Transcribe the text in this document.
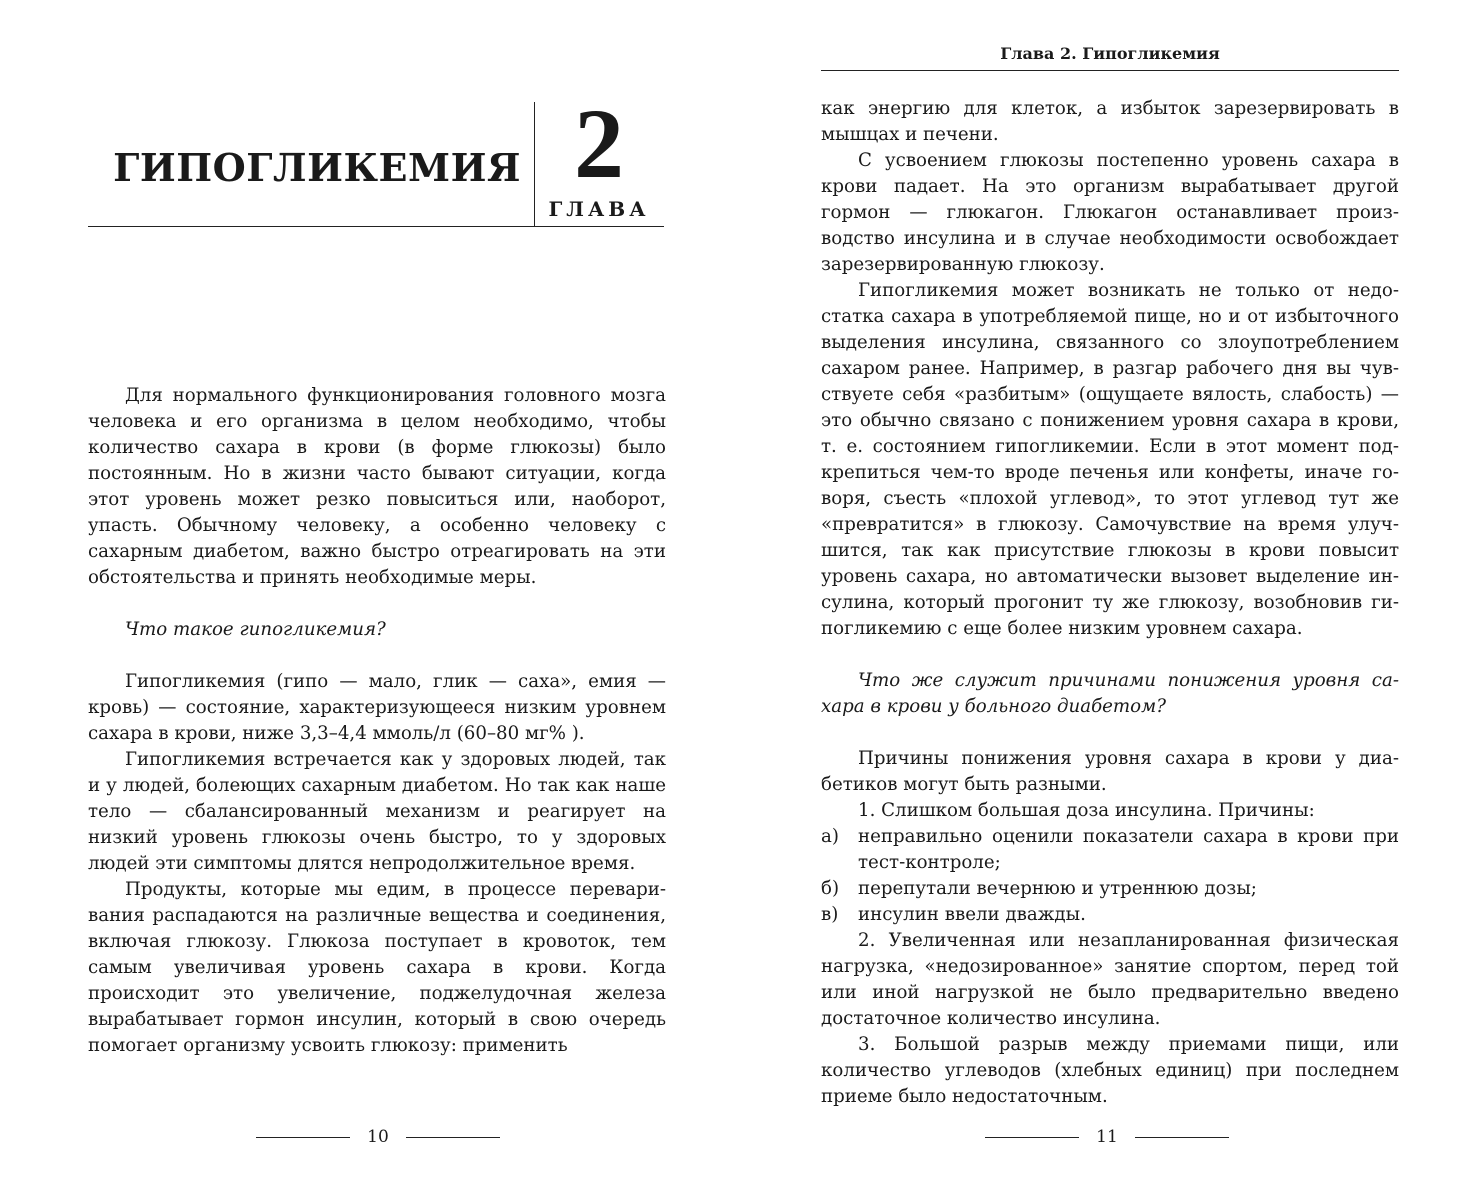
ГИПОГЛИКЕМИЯ 2
ГЛАВА

Для нормального функционирования головного мозга человека и его организма в целом необходимо, чтобы количество сахара в крови (в форме глюкозы) было постоянным. Но в жизни часто бывают ситуации, когда этот уровень может резко повыситься или, наоборот, упасть. Обычному человеку, а особенно человеку с сахарным диабетом, важно быстро отреагировать на эти обстоятельства и принять необходимые меры.

Что такое гипогликемия?

Гипогликемия (гипо — мало, глик — саха», емия — кровь) — состояние, характеризующееся низким уровнем сахара в крови, ниже 3,3–4,4 ммоль/л (60–80 мг% ).

Гипогликемия встречается как у здоровых людей, так и у людей, болеющих сахарным диабетом. Но так как наше тело — сбалансированный механизм и реагирует на низкий уровень глюкозы очень быстро, то у здоровых людей эти симптомы длятся непродолжительное время.

Продукты, которые мы едим, в процессе переваривания распадаются на различные вещества и соединения, включая глюкозу. Глюкоза поступает в кровоток, тем самым увеличивая уровень сахара в крови. Когда происходит это увеличение, поджелудочная железа вырабатывает гормон инсулин, который в свою очередь помогает организму усвоить глюкозу: применить

10
Глава 2. Гипогликемия

как энергию для клеток, а избыток зарезервировать в мышцах и печени.

С усвоением глюкозы постепенно уровень сахара в крови падает. На это организм вырабатывает другой гормон — глюкагон. Глюкагон останавливает производство инсулина и в случае необходимости освобождает зарезервированную глюкозу.

Гипогликемия может возникать не только от недостатка сахара в употребляемой пище, но и от избыточного выделения инсулина, связанного со злоупотреблением сахаром ранее. Например, в разгар рабочего дня вы чувствуете себя «разбитым» (ощущаете вялость, слабость) — это обычно связано с понижением уровня сахара в крови, т. е. состоянием гипогликемии. Если в этот момент подкрепиться чем-то вроде печенья или конфеты, иначе говоря, съесть «плохой углевод», то этот углевод тут же «превратится» в глюкозу. Самочувствие на время улучшится, так как присутствие глюкозы в крови повысит уровень сахара, но автоматически вызовет выделение инсулина, который прогонит ту же глюкозу, возобновив гипогликемию с еще более низким уровнем сахара.

Что же служит причинами понижения уровня сахара в крови у больного диабетом?

Причины понижения уровня сахара в крови у диабетиков могут быть разными.

1. Слишком большая доза инсулина. Причины:

а) неправильно оценили показатели сахара в крови при тест-контроле;

б) перепутали вечернюю и утреннюю дозы;

в) инсулин ввели дважды.

2. Увеличенная или незапланированная физическая нагрузка, «недозированное» занятие спортом, перед той или иной нагрузкой не было предварительно введено достаточное количество инсулина.

3. Большой разрыв между приемами пищи, или количество углеводов (хлебных единиц) при последнем приеме было недостаточным.

11
